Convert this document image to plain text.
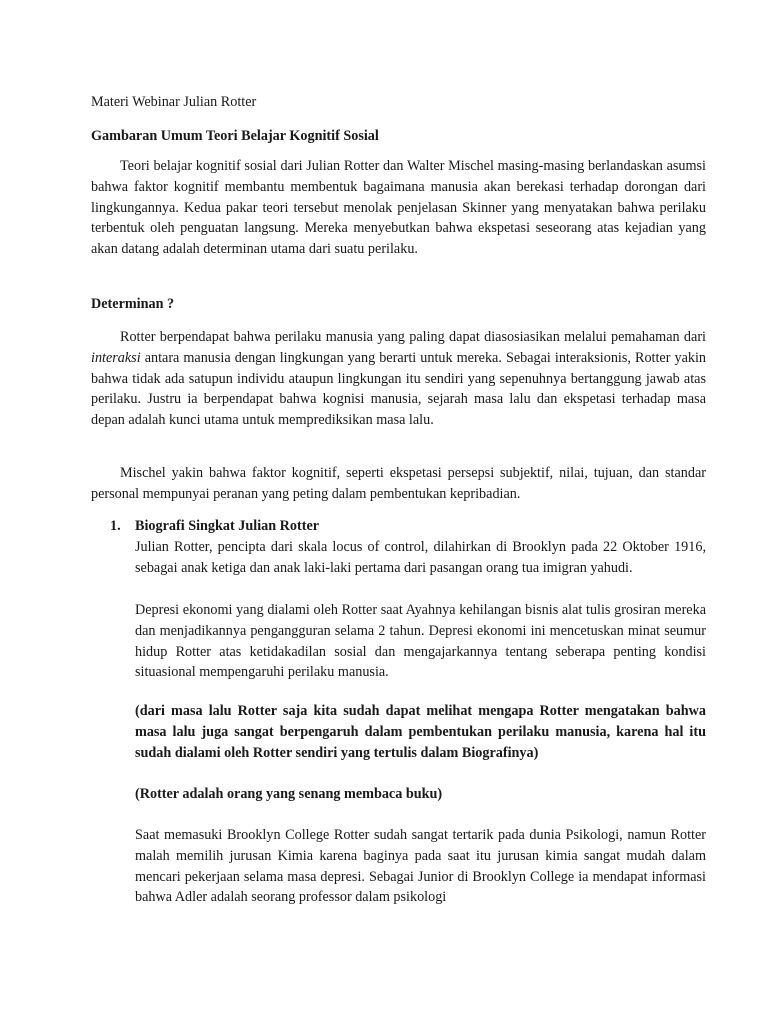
Materi Webinar Julian Rotter

Gambaran Umum Teori Belajar Kognitif Sosial

Teori belajar kognitif sosial dari Julian Rotter dan Walter Mischel masing-masing berlandaskan asumsi bahwa faktor kognitif membantu membentuk bagaimana manusia akan berekasi terhadap dorongan dari lingkungannya. Kedua pakar teori tersebut menolak penjelasan Skinner yang menyatakan bahwa perilaku terbentuk oleh penguatan langsung. Mereka menyebutkan bahwa ekspetasi seseorang atas kejadian yang akan datang adalah determinan utama dari suatu perilaku.

Determinan ?

Rotter berpendapat bahwa perilaku manusia yang paling dapat diasosiasikan melalui pemahaman dari interaksi antara manusia dengan lingkungan yang berarti untuk mereka. Sebagai interaksionis, Rotter yakin bahwa tidak ada satupun individu ataupun lingkungan itu sendiri yang sepenuhnya bertanggung jawab atas perilaku. Justru ia berpendapat bahwa kognisi manusia, sejarah masa lalu dan ekspetasi terhadap masa depan adalah kunci utama untuk memprediksikan masa lalu.

Mischel yakin bahwa faktor kognitif, seperti ekspetasi persepsi subjektif, nilai, tujuan, dan standar personal mempunyai peranan yang peting dalam pembentukan kepribadian.

1.	Biografi Singkat Julian Rotter

Julian Rotter, pencipta dari skala locus of control, dilahirkan di Brooklyn pada 22 Oktober 1916, sebagai anak ketiga dan anak laki-laki pertama dari pasangan orang tua imigran yahudi.

Depresi ekonomi yang dialami oleh Rotter saat Ayahnya kehilangan bisnis alat tulis grosiran mereka dan menjadikannya pengangguran selama 2 tahun. Depresi ekonomi ini mencetuskan minat seumur hidup Rotter atas ketidakadilan sosial dan mengajarkannya tentang seberapa penting kondisi situasional mempengaruhi perilaku manusia.

(dari masa lalu Rotter saja kita sudah dapat melihat mengapa Rotter mengatakan bahwa masa lalu juga sangat berpengaruh dalam pembentukan perilaku manusia, karena hal itu sudah dialami oleh Rotter sendiri yang tertulis dalam Biografinya)

(Rotter adalah orang yang senang membaca buku)

Saat memasuki Brooklyn College Rotter sudah sangat tertarik pada dunia Psikologi, namun Rotter malah memilih jurusan Kimia karena baginya pada saat itu jurusan kimia sangat mudah dalam mencari pekerjaan selama masa depresi. Sebagai Junior di Brooklyn College ia mendapat informasi bahwa Adler adalah seorang professor dalam psikologi
